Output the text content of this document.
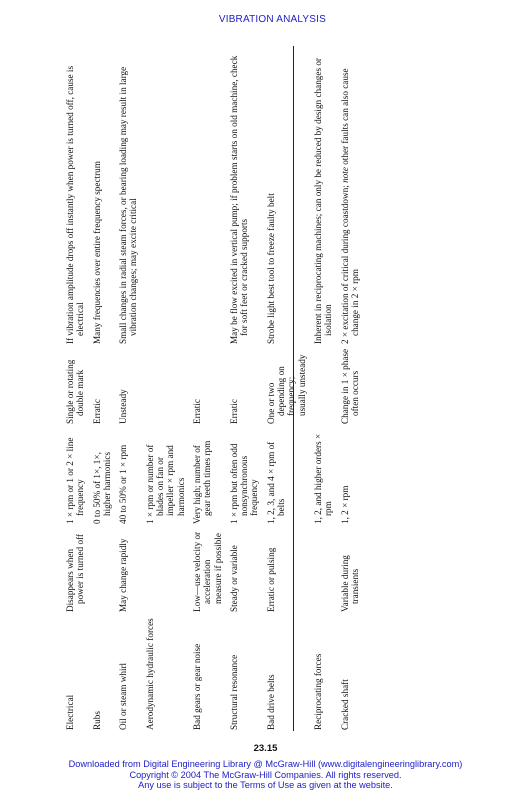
VIBRATION ANALYSIS
Electrical	Disappears when power is turned off	1 × rpm or 1 or 2 × line frequency	Single or rotating double mark	If vibration amplitude drops off instantly when power is turned off, cause is electrical
Rubs		0 to 50% of 1×, 1×, higher harmonics	Erratic	Many frequencies over entire frequency spectrum
Oil or steam whirl	May change rapidly	40 to 50% or 1 × rpm	Unsteady	Small changes in radial steam forces, or bearing loading may result in large vibration changes; may excite critical
Aerodynamic hydraulic forces		1 × rpm or number of blades on fan or impeller × rpm and harmonics		
Bad gears or gear noise	Low—use velocity or acceleration measure if possible	Very high; number of gear teeth times rpm	Erratic	
Structural resonance	Steady or variable	1 × rpm but often odd nonsynchronous frequency	Erratic	May be flow excited in vertical pump; if problem starts on old machine, check for soft feet or cracked supports
Bad drive belts	Erratic or pulsing	1, 2, 3, and 4 × rpm of belts	One or two depending on frequency; usually unsteady	Strobe light best tool to freeze faulty belt
Reciprocating forces		1, 2, and higher orders × rpm		Inherent in reciprocating machines; can only be reduced by design changes or isolation
Cracked shaft	Variable during transients	1, 2 × rpm	Change in 1 × phase often occurs	2 × excitation of critical during coastdown; note other faults can also cause change in 2 × rpm
23.15
Downloaded from Digital Engineering Library @ McGraw-Hill (www.digitalengineeringlibrary.com)
Copyright © 2004 The McGraw-Hill Companies. All rights reserved.
Any use is subject to the Terms of Use as given at the website.
